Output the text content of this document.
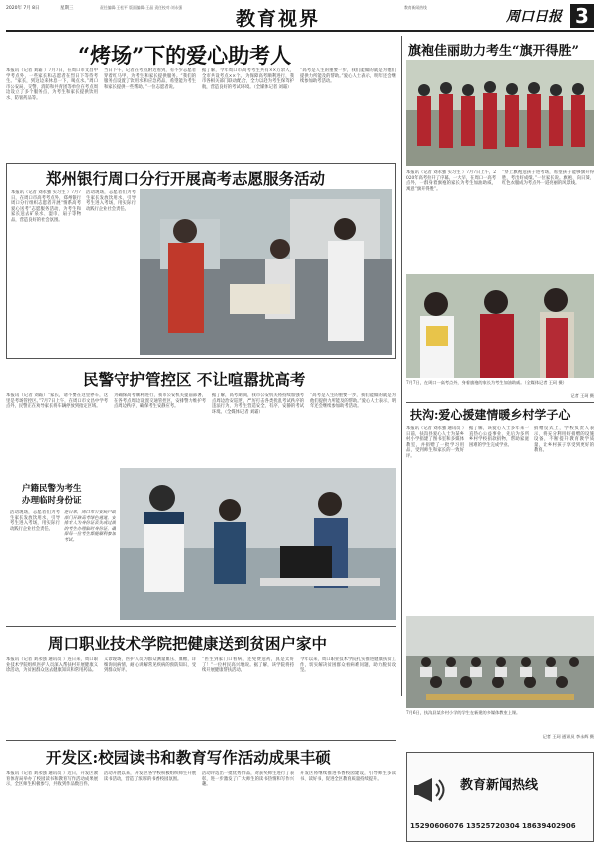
2020年 7月 8日	星期三	责任编辑:王松平 版面编辑:王晶 责任校对:刘永强
教育视界
教育新闻热线
周口日报 3
“烤场”下的爱心助考人
本报讯（记者 刘霜 ）7月7日，在周口市文昌中学考点外，一些家长和志愿者在烈日下等待考生。“家长，到这边来休息一下，喝点水。”周口市公安局、交警、消防和共青团等单位在考点周边设立了多个服务点，为考生和家长提供饮用水、防暑药品等。
当日下午，记者在考点附近看到，有不少志愿者穿着红马甲，为考生和家长提供服务。“我们的服务点设置了饮用水和应急药品，希望能为考生和家长提供一些帮助。”一位志愿者说。
据了解，今年周口市高考考生共有××万余人，全市共设考点××个。为保障高考顺利进行，我市各相关部门联动配合，全力以赴为考生保驾护航，营造良好的考试环境。（全媒体记者 刘霜）
“高考是人生的重要一步，我们能做的就是为他们提供力所能及的帮助。”爱心人士表示，明年还会继续参加助考活动。
郑州银行周口分行开展高考志愿服务活动
本报讯（记者 刘永强 实习生 ）7月7日，在周口市高考考点外，郑州银行周口分行组织志愿者开展“情系高考 爱心送考”志愿服务活动，为考生和家长送去矿泉水、湿巾、扇子等物品，营造良好的社会氛围。
活动现场，志愿者们为考生家长发放饮用水，引导考生进入考场，用实际行动践行企业社会责任。
民警守护管控区 不让喧嚣扰高考
本报讯（记者 刘霜）“家长，请不要在这里停车，这里是考场管控区。”7月7日上午，在周口市文昌中学考点外，民警正在劝导家长将车辆停放到指定区域。
为确保高考顺利进行，我市公安机关提前部署，在各考点周边设置交通管控区，安排警力维护考点周边秩序，确保考生安静应考。
据了解，高考期间，我市公安机关将持续加强考点周边治安巡逻，严厉打击各类扰乱考试秩序的违法行为，为考生营造安全、有序、安静的考试环境。（全媒体记者 刘霜）
“高考是人生的重要一步，我们能做的就是为他们提供力所能及的帮助。”爱心人士表示，明年还会继续参加助考活动。
户籍民警为考生
办理临时身份证
连日来，周口市公安局户政部门开辟高考绿色通道，安排专人为身份证丢失或过期的考生办理临时身份证，确保每一位考生都能顺利参加考试。
活动现场，志愿者们为考生家长发放饮用水，引导考生进入考场，用实际行动践行企业社会责任。
周口职业技术学院把健康送到贫困户家中
本报讯（记者 刘永强 通讯员 ）连日来，周口职业技术学院组织医护人员深入帮扶村开展健康义诊活动，为贫困群众送去健康知识和常用药品。
义诊现场，医护人员为群众测量血压、血糖，详细询问病情，耐心讲解常见疾病的预防知识，受到群众好评。
“医生到家门口看病，还免费送药，真是太好了！”一位村民高兴地说。据了解，该学院将持续开展健康帮扶活动。
今年以来，周口职业技术学院扎实推进健康扶贫工作，切实解决贫困群众看病难问题，助力脱贫攻坚。
开发区:校园读书和教育写作活动成果丰硕
本报讯（记者 刘永强 通讯员 ）近日，开发区教育体育局举办了校园读书和教育写作活动成果展示，全区师生积极参与，共收到作品数百件。
活动开展以来，开发区各学校积极组织师生开展读书活动，营造了浓厚的书香校园氛围。
活动评选出一批优秀作品，对获奖师生进行了表彰，进一步激发了广大师生的读书热情和写作兴趣。
开发区将继续推进书香校园建设，引导师生多读书、读好书，促进全区教育质量持续提升。
旗袍佳丽助力考生“旗开得胜”
本报讯（记者 刘永强 实习生 ）7月7日上午，2020年高考拉开了序幕。一大早，在周口一高考点外，一群身着旗袍的家长为考生加油助威，寓意“旗开得胜”。
“穿上旗袍送孩子进考场，希望孩子能够旗开得胜，考出好成绩。”一位家长说。旗袍、向日葵、红色衣服成为考点外一道亮丽的风景线。
7月7日，在周口一高考点外，身着旗袍的家长为考生加油助威。（全媒体记者 王珂 摄）
记者 王珂 摄
扶沟:爱心援建情暖乡村学子心
本报讯（记者 刘永强 通讯员 ）日前，扶沟县爱心人士为某乡村小学捐建了图书室和多媒体教室，并捐赠了一批学习用品，受到师生和家长的一致好评。
据了解，该爱心人士多年来一直热心公益事业，先后为多所乡村学校捐款捐物，帮助家庭困难的学生完成学业。
捐赠仪式上，学校负责人表示，将充分利用好捐赠的设施设备，不断提升教育教学质量，让乡村孩子享受到更好的教育。
7月6日，扶沟县某乡村小学的学生在新建的多媒体教室上课。
记者 王珂 通讯员 李永辉 摄
教育新闻热线
15290606076 13525720304 18639402906
